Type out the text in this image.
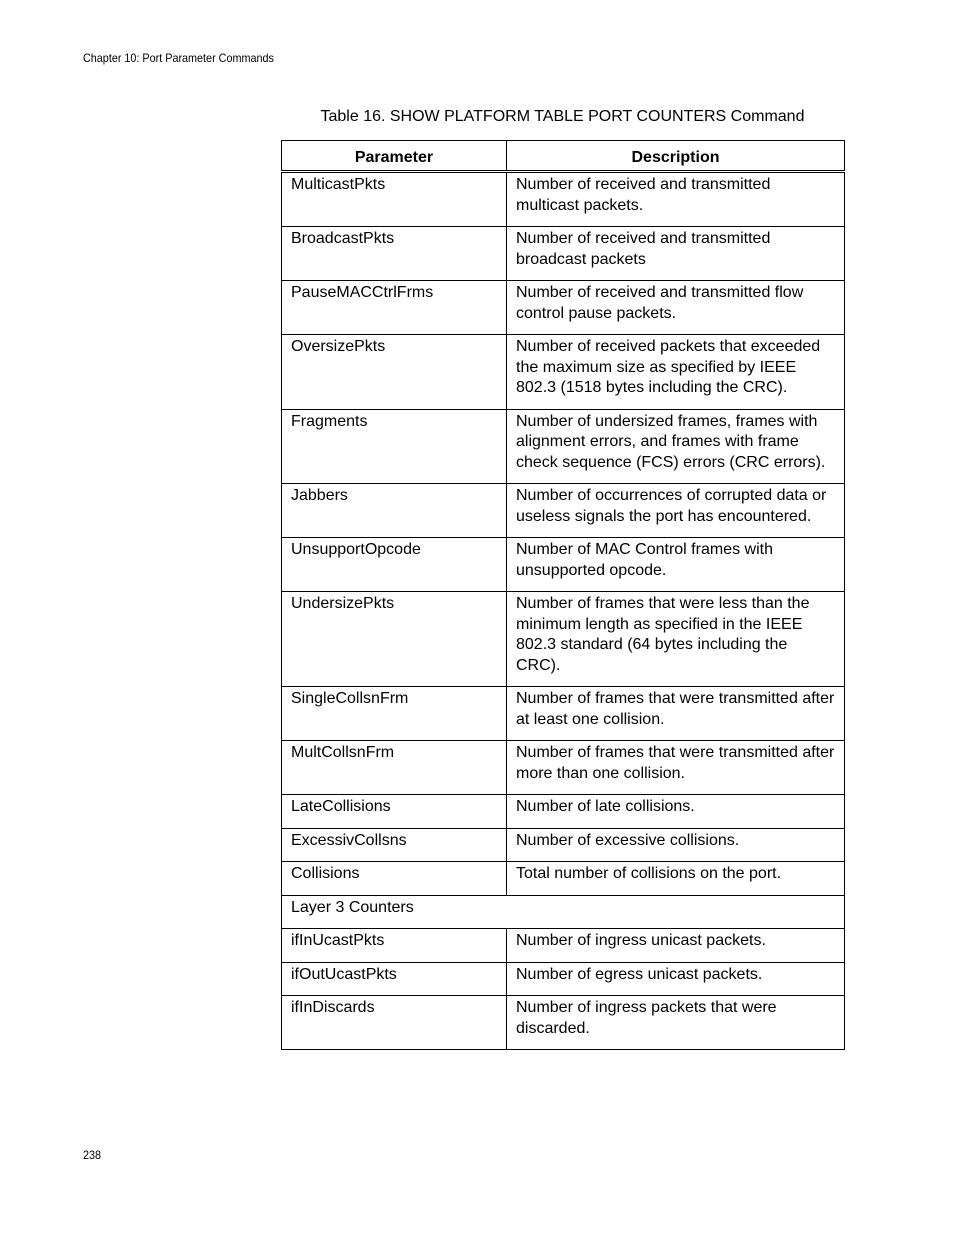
Chapter 10: Port Parameter Commands
Table 16. SHOW PLATFORM TABLE PORT COUNTERS Command
Parameter	Description
MulticastPkts	Number of received and transmitted multicast packets.
BroadcastPkts	Number of received and transmitted broadcast packets
PauseMACCtrlFrms	Number of received and transmitted flow control pause packets.
OversizePkts	Number of received packets that exceeded the maximum size as specified by IEEE 802.3 (1518 bytes including the CRC).
Fragments	Number of undersized frames, frames with alignment errors, and frames with frame check sequence (FCS) errors (CRC errors).
Jabbers	Number of occurrences of corrupted data or useless signals the port has encountered.
UnsupportOpcode	Number of MAC Control frames with unsupported opcode.
UndersizePkts	Number of frames that were less than the minimum length as specified in the IEEE 802.3 standard (64 bytes including the CRC).
SingleCollsnFrm	Number of frames that were transmitted after at least one collision.
MultCollsnFrm	Number of frames that were transmitted after more than one collision.
LateCollisions	Number of late collisions.
ExcessivCollsns	Number of excessive collisions.
Collisions	Total number of collisions on the port.
Layer 3 Counters	
ifInUcastPkts	Number of ingress unicast packets.
ifOutUcastPkts	Number of egress unicast packets.
ifInDiscards	Number of ingress packets that were discarded.
238
